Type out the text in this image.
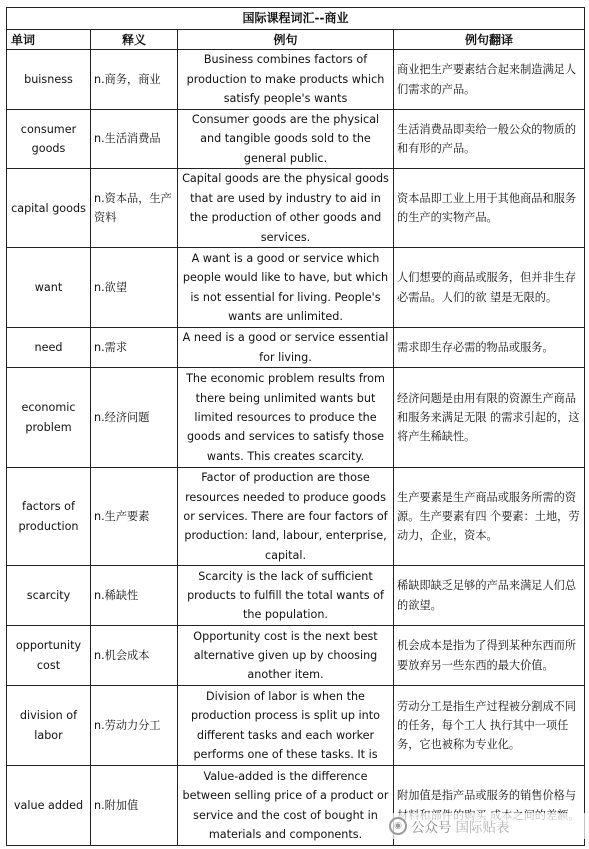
国际课程词汇--商业			
单词	释义	例句	例句翻译
buisness	n.商务，商业	Business combines factors of production to make products which satisfy people's wants	商业把生产要素结合起来制造满足人们需求的产品。
consumer goods	n.生活消费品	Consumer goods are the physical and tangible goods sold to the general public.	生活消费品即卖给一般公众的物质的和有形的产品。
capital goods	n.资本品，生产资料	Capital goods are the physical goods that are used by industry to aid in the production of other goods and services.	资本品即工业上用于其他商品和服务的生产的实物产品。
want	n.欲望	A want is a good or service which people would like to have, but which is not essential for living. People's wants are unlimited.	人们想要的商品或服务，但并非生存必需品。人们的欲 望是无限的。
need	n.需求	A need is a good or service essential for living.	需求即生存必需的物品或服务。
economic problem	n.经济问题	The economic problem results from there being unlimited wants but limited resources to produce the goods and services to satisfy those wants. This creates scarcity.	经济问题是由用有限的资源生产商品和服务来满足无限 的需求引起的，这将产生稀缺性。
factors of production	n.生产要素	Factor of production are those resources needed to produce goods or services. There are four factors of production: land, labour, enterprise, capital.	生产要素是生产商品或服务所需的资源。生产要素有四 个要素：土地，劳动力，企业，资本。
scarcity	n.稀缺性	Scarcity is the lack of sufficient products to fulfill the total wants of the population.	稀缺即缺乏足够的产品来满足人们总的欲望。
opportunity cost	n.机会成本	Opportunity cost is the next best alternative given up by choosing another item.	机会成本是指为了得到某种东西而所要放弃另一些东西的最大价值。
division of labor	n.劳动力分工	Division of labor is when the production process is split up into different tasks and each worker performs one of these tasks. It is	劳动分工是指生产过程被分割成不同的任务，每个工人 执行其中一项任务，它也被称为专业化。
value added	n.附加值	Value-added is the difference between selling price of a product or service and the cost of bought in materials and components.	附加值是指产品或服务的销售价格与
◉ 公众号 国际贴表
